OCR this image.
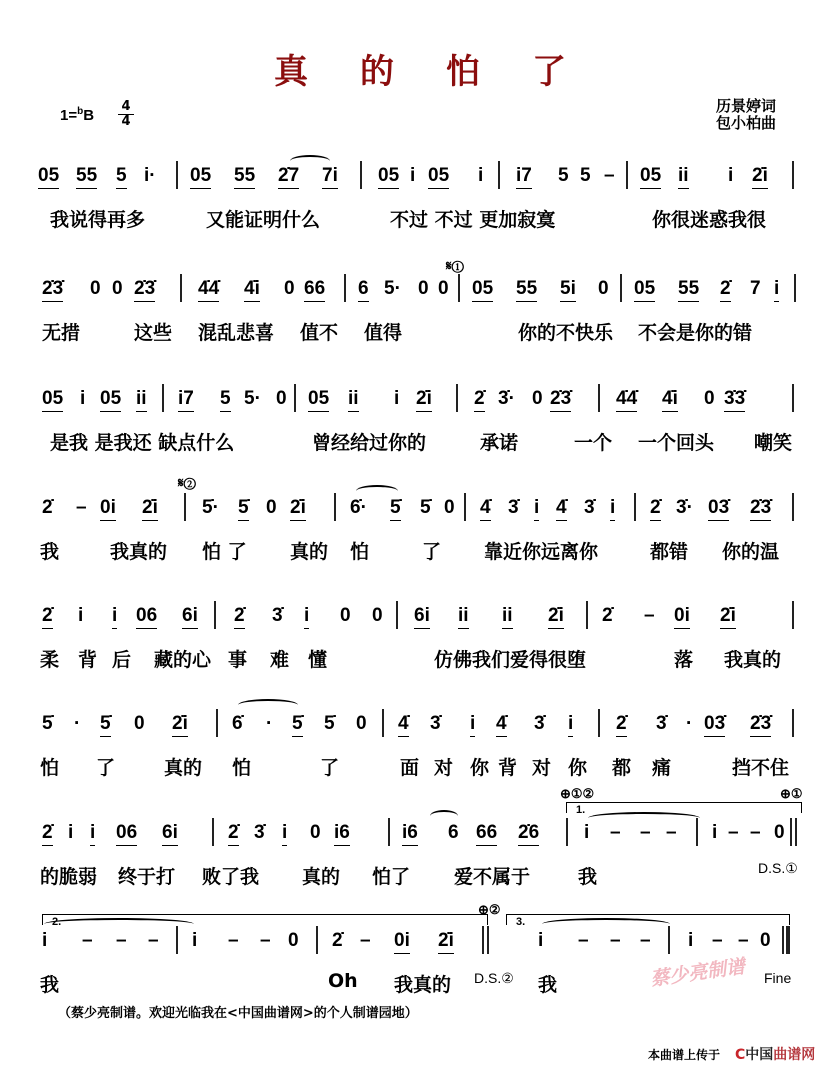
真的怕了
1=$^b$B
4
4
历景婷词
包小柏曲
05 55 5 i· 05 55 2̇7 7i 05 i 05 i i7 5 5 – 05 ii i 2̇i
我说得再多	又能证明什么	不过 不过 更加寂寞	你很迷惑我很
2̇3̇ 0 0 2̇3̇ 4̇4̇ 4̇i 0 66 6 5· 0 0 05 55 5i 0 05 55 2̇ 7 i
𝄋①
无措	这些 混乱悲喜 值不 值得	你的不快乐 不会是你的错
05 i 05 ii i7 5 5· 0 05 ii i 2̇i 2̇ 3̇· 0 2̇3̇ 4̇4̇ 4̇i 0 3̇3̇
是我 是我还 缺点什么	曾经给过你的	承诺	一个 一个回头 嘲笑
2̇ – 0i 2̇i 5̇· 5̇ 0 2̇i 6̇· 5̇ 5̇ 0 4̇ 3̇ i 4̇ 3̇ i 2̇ 3̇· 03̇ 2̇3̇
𝄋②
我	我真的 怕 了 真的 怕	了 靠近你远离你	都错 你的温
2̇ i i 06 6i 2̇ 3̇ i 0 0 6i ii ii 2̇i 2̇ – 0i 2̇i
柔 背 后 藏的心 事 难 懂	仿佛我们爱得很堕	落 我真的
5̇ · 5̇ 0 2̇i 6̇ · 5̇ 5̇ 0 4̇ 3̇ i 4̇ 3̇ i 2̇ 3̇ · 03̇ 2̇3̇
怕 了	真的 怕	了	面 对 你 背 对 你 都 痛	挡不住
2̇ i i 06 6i	2̇ 3̇ i 0 i6	i6 6 66 2̇6 i – – – i – – 0
1.
⊕①②	⊕①
的脆弱 终于打 败了我 真的 怕了 爱不属于	我	D.S.①
i – – – i – – 0 2̇ – 0i 2̇i	i – – – i – – 0
2.	3.
⊕②
我	Oh 我真的	我
D.S.②	Fine
蔡少亮制谱
（蔡少亮制谱。欢迎光临我在<中国曲谱网>的个人制谱园地）
本曲谱上传于 C中国曲谱网
